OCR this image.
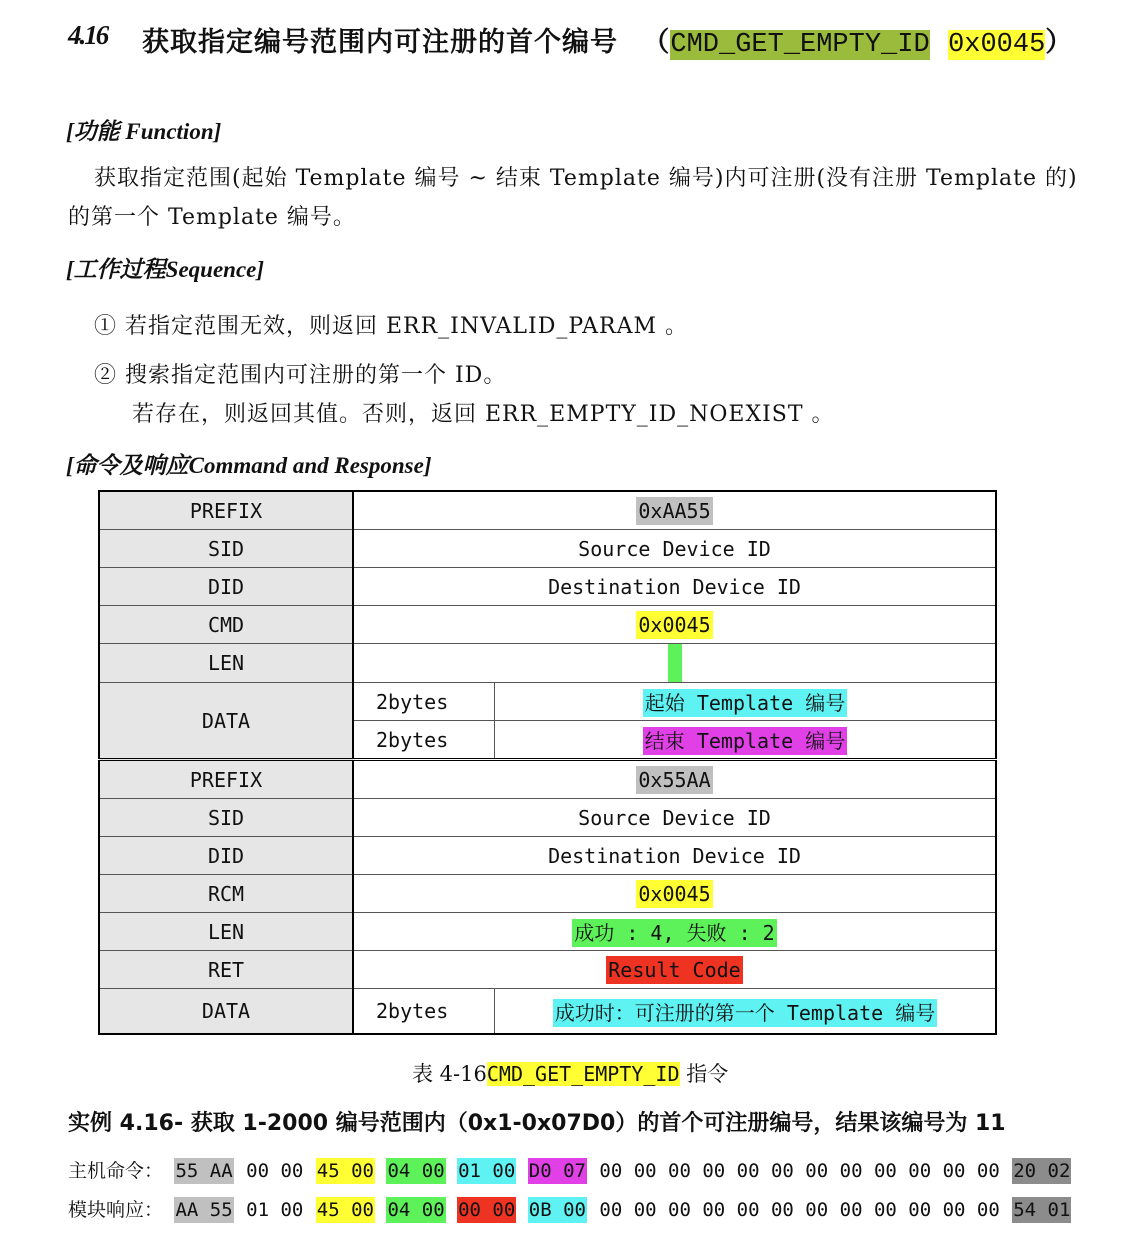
4.16 获取指定编号范围内可注册的首个编号 （CMD_GET_EMPTY_ID 0x0045）
[功能 Function]
获取指定范围(起始 Template 编号 ~ 结束 Template 编号)内可注册(没有注册 Template 的)
的第一个 Template 编号。
[工作过程Sequence]
① 若指定范围无效，则返回 ERR_INVALID_PARAM 。
② 搜索指定范围内可注册的第一个 ID。
若存在，则返回其值。否则，返回 ERR_EMPTY_ID_NOEXIST 。
[命令及响应Command and Response]
PREFIX	0xAA55	
SID	Source Device ID	
DID	Destination Device ID	
CMD	0x0045	
LEN		
DATA	2bytes	起始 Template 编号
	2bytes	结束 Template 编号
PREFIX	0x55AA	
SID	Source Device ID	
DID	Destination Device ID	
RCM	0x0045	
LEN	成功 : 4, 失败 : 2	
RET	Result Code	
DATA	2bytes	成功时：可注册的第一个 Template 编号
表 4-16CMD_GET_EMPTY_ID 指令
实例 4.16- 获取 1-2000 编号范围内（0x1-0x07D0）的首个可注册编号，结果该编号为 11
主机命令： 55 AA 00 00 45 00 04 00 01 00 D0 07 00 00 00 00 00 00 00 00 00 00 00 00 20 02
模块响应： AA 55 01 00 45 00 04 00 00 00 0B 00 00 00 00 00 00 00 00 00 00 00 00 00 54 01
